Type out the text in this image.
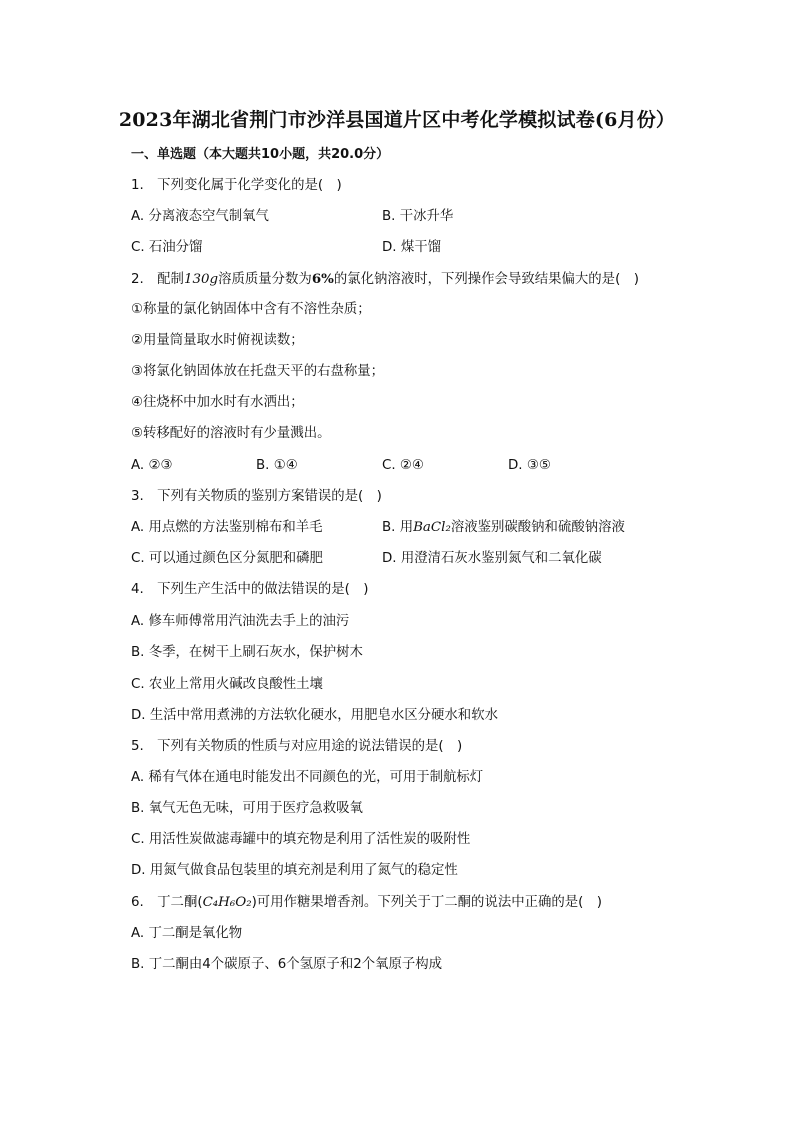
2023年湖北省荆门市沙洋县国道片区中考化学模拟试卷(6月份）
一、单选题（本大题共10小题，共20.0分）
1.　下列变化属于化学变化的是(　)
A. 分离液态空气制氧气	B. 干冰升华
C. 石油分馏	D. 煤干馏
2.　配制130g溶质质量分数为6%的氯化钠溶液时，下列操作会导致结果偏大的是(　)
①称量的氯化钠固体中含有不溶性杂质；
②用量筒量取水时俯视读数；
③将氯化钠固体放在托盘天平的右盘称量；
④往烧杯中加水时有水洒出；
⑤转移配好的溶液时有少量溅出。
A. ②③	B. ①④	C. ②④	D. ③⑤
3.　下列有关物质的鉴别方案错误的是(　)
A. 用点燃的方法鉴别棉布和羊毛	B. 用BaCl₂溶液鉴别碳酸钠和硫酸钠溶液
C. 可以通过颜色区分氮肥和磷肥	D. 用澄清石灰水鉴别氮气和二氧化碳
4.　下列生产生活中的做法错误的是(　)
A. 修车师傅常用汽油洗去手上的油污
B. 冬季，在树干上刷石灰水，保护树木
C. 农业上常用火碱改良酸性土壤
D. 生活中常用煮沸的方法软化硬水，用肥皂水区分硬水和软水
5.　下列有关物质的性质与对应用途的说法错误的是(　)
A. 稀有气体在通电时能发出不同颜色的光，可用于制航标灯
B. 氧气无色无味，可用于医疗急救吸氧
C. 用活性炭做滤毒罐中的填充物是利用了活性炭的吸附性
D. 用氮气做食品包装里的填充剂是利用了氮气的稳定性
6.　丁二酮(C₄H₆O₂)可用作糖果增香剂。下列关于丁二酮的说法中正确的是(　)
A. 丁二酮是氧化物
B. 丁二酮由4个碳原子、6个氢原子和2个氧原子构成
